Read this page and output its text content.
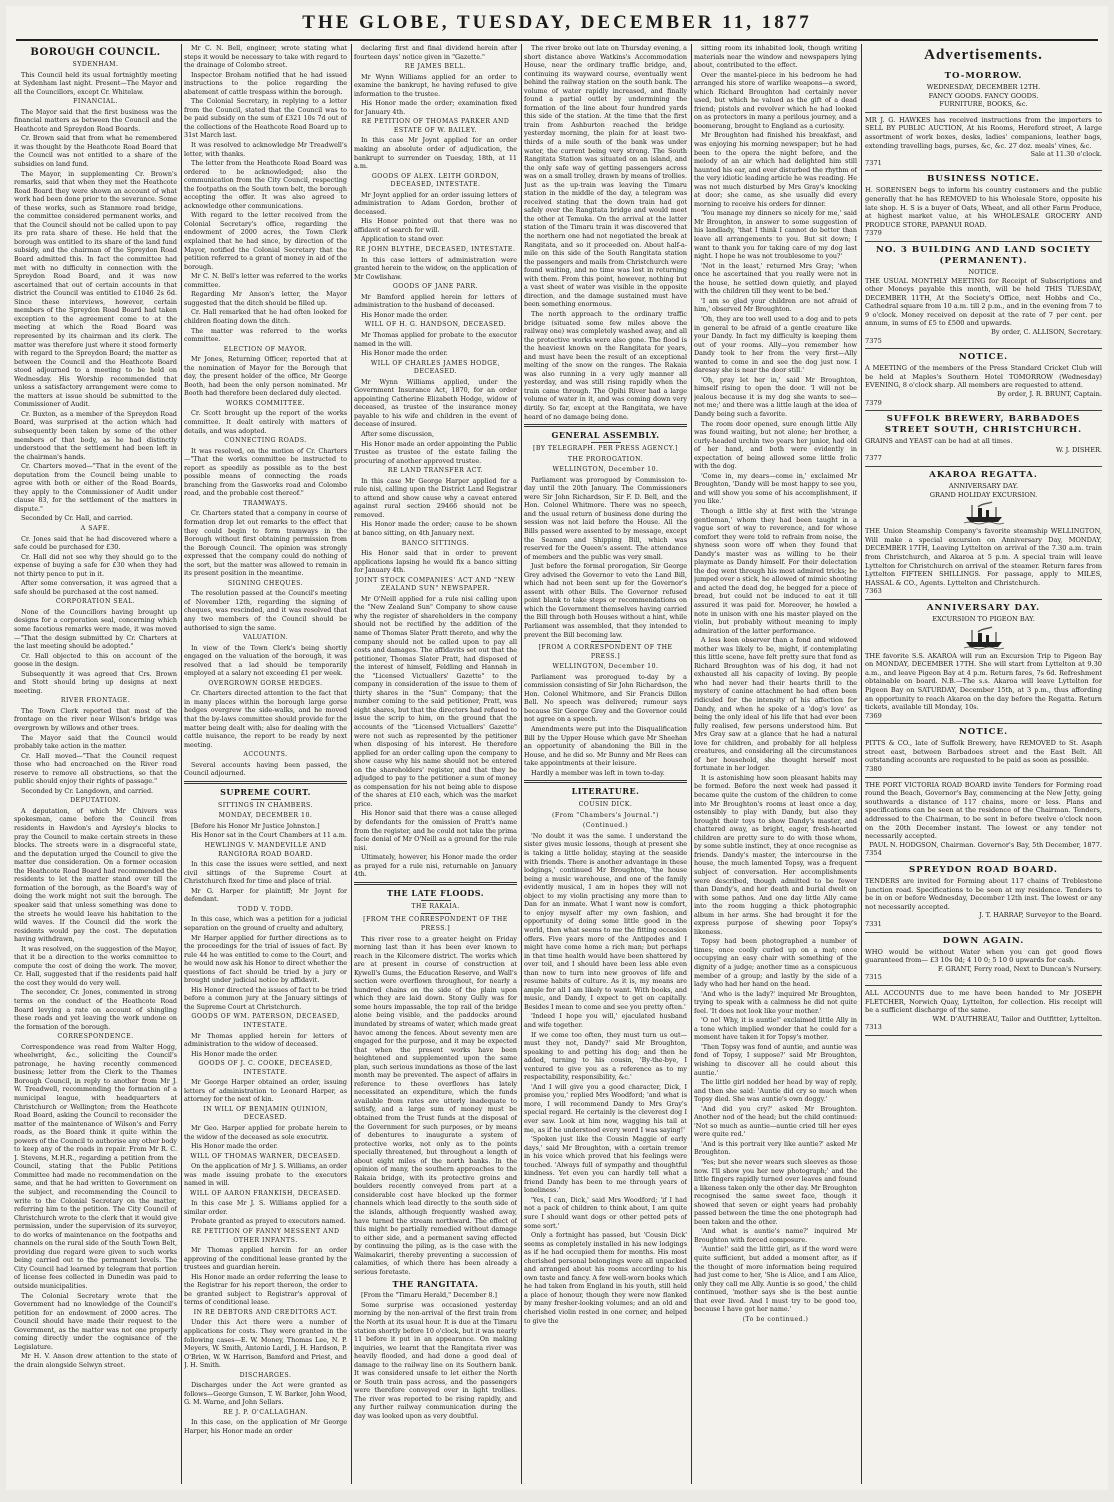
THE GLOBE, TUESDAY, DECEMBER 11, 1877
BOROUGH COUNCIL.
SYDENHAM.

This Council held its usual fortnightly meeting at Sydenham last night. Present—The Mayor and all the Councillors, except Cr. Whitelaw.

FINANCIAL.

The Mayor said that the first business was the financial matters as between the Council and the Heathcote and Spreydon Road Boards.

Cr. Brown said that from what he remembered it was thought by the Heathcote Road Board that the Council was not entitled to a share of the subsidies on land fund.

The Mayor, in supplementing Cr. Brown's remarks, said that when they met the Heathcote Road Board they were shown an account of what work had been done prior to the severance. Some of these works, such as Stanmore road bridge, the committee considered permanent works, and that the Council should not be called upon to pay its pro rata share of these. He held that the borough was entitled to its share of the land fund subsidy, and the chairman of the Spreydon Road Board admitted this. In fact the committee had met with no difficulty in connection with the Spreydon Road Board, and it was now ascertained that out of certain accounts in that district the Council was entitled to £1046 2s 6d. Since these interviews, however, certain members of the Spreydon Road Board had taken exception to the agreement come to at the meeting at which the Road Board was represented by its chairman and its clerk. The matter was therefore just where it stood formerly with regard to the Spreydon Board; the matter as between the Council and the Heathcote Board stood adjourned to a meeting to be held on Wednesday. His Worship recommended that unless a satisfactory arrangement were come to the matters at issue should be submitted to the Commissioner of Audit.

Cr. Buxton, as a member of the Spreydon Road Board, was surprised at the action which had subsequently been taken by some of the other members of that body, as he had distinctly understood that the settlement had been left in the chairman's hands.

Cr. Charters moved—"That in the event of the deputation from the Council being unable to agree with both or either of the Road Boards, they apply to the Commissioner of Audit under clause 83, for the settlement of the matters in dispute."

Seconded by Cr. Hall, and carried.

A SAFE.

Cr. Jones said that he had discovered where a safe could be purchased for £30.

Cr. Hall did not see why they should go to the expense of buying a safe for £30 when they had not thirty pence to put in it.

After some conversation, it was agreed that a safe should be purchased at the cost named.

CORPORATION SEAL.

None of the Councillors having brought up designs for a corporation seal, concerning which some facetious remarks were made, it was moved—"That the design submitted by Cr. Charters at the last meeting should be adopted."

Cr. Hall objected to this on account of the goose in the design.

Subsequently it was agreed that Crs. Brown and Stott should bring up designs at next meeting.

RIVER FRONTAGE.

The Town Clerk reported that most of the frontage on the river near Wilson's bridge was overgrown by willows and other trees.

The Mayor said that the Council would probably take action in the matter.

Cr. Hall moved—"That the Council request those who had encroached on the River road reserve to remove all obstructions, so that the public should enjoy their rights of passage."

Seconded by Cr. Langdown, and carried.

DEPUTATION.

A deputation, of which Mr Chivers was spokesman, came before the Council from residents in Hawdon's and Ayrsley's blocks to pray the Council to make certain streets in these blocks. The streets were in a disgraceful state, and the deputation urged the Council to give the matter due consideration. On a former occasion the Heathcote Road Board had recommended the residents to let the matter stand over till the formation of the borough, as the Board's way of doing the work might not suit the borough. The speaker said that unless something was done to the streets he would leave his habitation to the wild waves. If the Council did the work the residents would pay the cost. The deputation having withdrawn,

It was resolved, on the suggestion of the Mayor, that it be a direction to the works committee to compute the cost of doing the work. The mover, Cr. Hall, suggested that if the residents paid half the cost they would do very well.

The seconder, Cr. Jones, commented in strong terms on the conduct of the Heathcote Road Board levying a rate on account of shingling these roads and yet leaving the work undone on the formation of the borough.

CORRESPONDENCE.

Correspondence was read from Walter Hogg, wheelwright, &c., soliciting the Council's patronage, he having recently commenced business; letter from the Clerk to the Thames Borough Council, in reply to another from Mr J. W. Treadwell, recommending the formation of a municipal league, with headquarters at Christchurch or Wellington; from the Heathcote Road Board, asking the Council to reconsider the matter of the maintenance of Wilson's and Ferry roads, as the Board think it quite within the powers of the Council to authorise any other body to keep any of the roads in repair. From Mr R. C. J. Stevens, M.H.R., regarding a petition from the Council, stating that the Public Petitions Committee had made no recommendation on the same, and that he had written to Government on the subject, and recommending the Council to write to the Colonial Secretary on the matter, referring him to the petition. The City Council of Christchurch wrote to the clerk that it would give permission, under the supervision of its surveyor, to do works of maintenance on the footpaths and channels on the rural side of the South Town Belt, providing due regard were given to such works being carried out to the permanent levels. The City Council had learned by telegram that portion of license fees collected in Dunedin was paid to outside municipalities.

The Colonial Secretary wrote that the Government had no knowledge of the Council's petition for an endowment of 2000 acres. The Council should have made their request to the Government, as the matter was not one properly coming directly under the cognisance of the Legislature.

Mr H. V. Anson drew attention to the state of the drain alongside Selwyn street.

Mr C. N. Bell, engineer, wrote stating what steps it would be necessary to take with regard to the drainage of Colombo street.

Inspector Broham notified that he had issued instructions to the police regarding the abatement of cattle trespass within the borough.

The Colonial Secretary, in replying to a letter from the Council, stated that the Council was to be paid subsidy on the sum of £321 10s 7d out of the collections of the Heathcote Road Board up to 31st March last.

It was resolved to acknowledge Mr Treadwell's letter, with thanks.

The letter from the Heathcote Road Board was ordered to be acknowledged; also the communication from the City Council, respecting the footpaths on the South town belt, the borough accepting the offer. It was also agreed to acknowledge other communications.

With regard to the letter received from the Colonial Secretary's office, regarding the endowment of 2000 acres, the Town Clerk explained that he had since, by direction of the Mayor, notified the Colonial Secretary that the petition referred to a grant of money in aid of the borough.

Mr C. N. Bell's letter was referred to the works committee.

Regarding Mr Anson's letter, the Mayor suggested that the ditch should be filled up.

Cr. Hall remarked that he had often looked for children floating down the ditch.

The matter was referred to the works committee.

ELECTION OF MAYOR.

Mr Jones, Returning Officer, reported that at the nomination of Mayor for the Borough that day, the present holder of the office, Mr George Booth, had been the only person nominated. Mr Booth had therefore been declared duly elected.

WORKS COMMITTEE.

Cr. Scott brought up the report of the works committee. It dealt entirely with matters of details, and was adopted.

CONNECTING ROADS.

It was resolved, on the motion of Cr. Charters—"That the works committee be instructed to report as speedily as possible as to the best possible means of connecting the roads branching from the Gasworks road and Colombo road, and the probable cost thereof."

TRAMWAYS.

Cr. Charters stated that a company in course of formation drop let out remarks to the effect that they could begin to form tramways in the Borough without first obtaining permission from the Borough Council. The opinion was strongly expressed that the company could do nothing of the sort, but the matter was allowed to remain in its present position in the meantime.

SIGNING CHEQUES.

The resolution passed at the Council's meeting of November 12th, regarding the signing of cheques, was rescinded, and it was resolved that any two members of the Council should be authorised to sign the same.

VALUATION.

In view of the Town Clerk's being shortly engaged on the valuation of the borough, it was resolved that a lad should be temporarily employed at a salary not exceeding £1 per week.

OVERGROWN GORSE HEDGES.

Cr. Charters directed attention to the fact that in many places within the borough large gorse hedges overgrew the side-walks, and he moved that the by-laws committee should provide for the matter being dealt with; also for dealing with the cattle nuisance, the report to be ready by next meeting.

ACCOUNTS.

Several accounts having been passed, the Council adjourned.

SUPREME COURT.
SITTINGS IN CHAMBERS.
MONDAY, DECEMBER 10.

[Before his Honor Mr Justice Johnston.]

His Honor sat in the Court Chambers at 11 a.m.

HEWLINGS V. MANDEVILLE AND RANGIORA ROAD BOARD.

In this case the issues were settled, and next civil sittings of the Supreme Court at Christchurch fixed for time and place of trial.

Mr G. Harper for plaintiff; Mr Joynt for defendant.

TODD V. TODD.

In this case, which was a petition for a judicial separation on the ground of cruelty and adultery,

Mr Harper applied for further directions as to the proceedings for the trial of issues of fact. By rule 44 he was entitled to come to the Court, and he would now ask his Honor to direct whether the questions of fact should be tried by a jury or brought under judicial notice by affidavit.

His Honor directed the issues of fact to be tried before a common jury at the January sittings of the Supreme Court at Christchurch.

GOODS OF WM. PATERSON, DECEASED, INTESTATE.

Mr Thomas applied herein for letters of administration to the widow of deceased.

His Honor made the order.

GOODS OF J. C. COOKE, DECEASED, INTESTATE.

Mr George Harper obtained an order, issuing letters of administration to Leonard Harper, as attorney for the next of kin.

IN WILL OF BENJAMIN QUINION, DECEASED.

Mr Geo. Harper applied for probate herein to the widow of the deceased as sole executrix.

His Honor made the order.

WILL OF THOMAS WARNER, DECEASED.

On the application of Mr J. S. Williams, an order was made issuing probate to the executors named in will.

WILL OF AARON FRANKISH, DECEASED.

In this case Mr J. S. Williams applied for a similar order.

Probate granted as prayed to executors named.

RE PETITION OF FANNY MESSENT AND OTHER INFANTS.

Mr Thomas applied herein for an order approving of the conditional lease granted by the trustees and guardian herein.

His Honor made an order referring the lease to the Registrar for his report thereon, the order to be granted subject to Registrar's approval of terms of conditional lease.

IN RE DEBTORS AND CREDITORS ACT.

Under this Act there were a number of applications for costs. They were granted in the following cases—E. W. Money, Thomas Lee, N. P. Meyers, W. Smith, Antonio Lardi, J. H. Hardson, P. O'Brien, W. W. Harrison, Bamford and Priest, and J. H. Smith.

DISCHARGES.

Discharges under the Act were granted as follows—George Gunson, T. W. Barker, John Wood, G. M. Warne, and John Sellars.

RE J. P. O'CALLAGHAN.

In this case, on the application of Mr George Harper, his Honor made an order

declaring first and final dividend herein after fourteen days' notice given in "Gazette."

RE JAMES BELL.

Mr Wynn Williams applied for an order to examine the bankrupt, he having refused to give information to the trustee.

His Honor made the order; examination fixed for January 4th.

RE PETITION OF THOMAS PARKER AND ESTATE OF W. BAILEY.

In this case Mr Joynt applied for an order making an absolute order of adjudication, the bankrupt to surrender on Tuesday, 18th, at 11 a.m.

GOODS OF ALEX. LEITH GORDON, DECEASED, INTESTATE.

Mr Joynt applied for an order issuing letters of administration to Adam Gordon, brother of deceased.

His Honor pointed out that there was no affidavit of search for will.

Application to stand over.

RE JOHN BLYTHE, DECEASED, INTESTATE.

In this case letters of administration were granted herein to the widow, on the application of Mr Cowlishaw.

GOODS OF JANE PARR.

Mr Bamford applied herein for letters of administration to the husband of deceased.

His Honor made the order.

WILL OF H. G. HANDSON, DECEASED.

Mr Thomas applied for probate to the executor named in the will.

His Honor made the order.

WILL OF CHARLES JAMES HODGE, DECEASED.

Mr Wynn Williams applied, under the Government Insurance Act, 1870, for an order appointing Catherine Elizabeth Hodge, widow of deceased, as trustee of the insurance money payable to his wife and children in the event of decease of insured.

After some discussion,

His Honor made an order appointing the Public Trustee as trustee of the estate failing the procuring of another approved trustee.

RE LAND TRANSFER ACT.

In this case Mr George Harper applied for a rule nisi, calling upon the District Land Registrar to attend and show cause why a caveat entered against rural section 29466 should not be removed.

His Honor made the order; cause to be shown at banco sitting, on 4th January next.

BANCO SITTINGS.

His Honor said that in order to prevent applications lapsing he would fix a banco sitting for January 4th.

JOINT STOCK COMPANIES' ACT AND "NEW ZEALAND SUN" NEWSPAPER.

Mr O'Neill applied for a rule nisi calling upon the "New Zealand Sun" Company to show cause why the register of shareholders in the company should not be rectified by the addition of the name of Thomas Slater Pratt thereto, and why the company should not be called upon to pay all costs and damages. The affidavits set out that the petitioner, Thomas Slater Pratt, had disposed of the interest of himself, Feldling and Hannah in the "Licensed Victuallers' Gazette" to the company in consideration of the issue to them of thirty shares in the "Sun" Company; that the number coming to the said petitioner, Pratt, was eight shares, but that the directors had refused to issue the scrip to him, on the ground that the accounts of the "Licensed Victuallers' Gazette" were not such as represented by the petitioner when disposing of his interest. He therefore applied for an order calling upon the company to show cause why his name should not be entered on the shareholders' register, and that they be adjudged to pay to the petitioner a sum of money as compensation for his not being able to dispose of the shares at £10 each, which was the market price.

His Honor said that there was a cause alleged by defendants for the omission of Pratt's name from the register, and he could not take the prima facie denial of Mr O'Neill as a ground for the rule nisi.

Ultimately, however, his Honor made the order as prayed for a rule nisi, returnable on January 4th.

THE LATE FLOODS.
THE RAKAIA.
[FROM THE CORRESPONDENT OF THE PRESS.]

This river rose to a greater height on Friday morning last than it has been ever known to reach in the Kilcomere district. The works which are at present in course of construction at Kywell's Gums, the Education Reserve, and Wall's section were overflown throughout, for nearly a hundred chains on the side of the plain upon which they are laid down. Stony Gully was for some hours impassable, the top rail of the bridge alone being visible, and the paddocks around inundated by streams of water, which made great havoc among the fences. About seventy men are engaged for the purpose, and it may be expected that when the present works have been heightened and supplemented upon the same plan, such serious inundations as those of the last month may be prevented. The aspect of affairs in reference to these overflows has lately necessitated an expenditure, which the funds available from rates are utterly inadequate to satisfy, and a large sum of money must be obtained from the Trust funds at the disposal of the Government for such purposes, or by means of debentures to inaugurate a system of protective works, not only as to the points specially threatened, but throughout a length of about eight miles of the north banks. In the opinion of many, the southern approaches to the Rakaia bridge, with its protective groins and boulders recently conveyed from part at a considerable cost have blocked up the former channels which lead directly to the south side of the islands, although frequently washed away, have turned the stream northward. The effect of this might be partially remedied without damage to either side, and a permanent saving effected by continuing the piling, as is the case with the Waimakariri, thereby preventing a succession of calamities, of which there has been already a serious foretaste.

THE RANGITATA.

[From the "Timaru Herald," December 8.]

Some surprise was occasioned yesterday morning by the non-arrival of the first train from the North at its usual hour. It is due at the Timaru station shortly before 10 o'clock, but it was nearly 11 before it put in an appearance. On making inquiries, we learnt that the Rangitata river was heavily flooded, and had done a good deal of damage to the railway line on its Southern bank. It was considered unsafe to let either the North or South train pass across, and the passengers were therefore conveyed over in light trollies. The river was reported to be rising rapidly, and any further railway communication during the day was looked upon as very doubtful.

The river broke out late on Thursday evening, a short distance above Watkins's Accommodation House, near the ordinary traffic bridge, and, continuing its wayward course, eventually went behind the railway station on the south bank. The volume of water rapidly increased, and finally found a partial outlet by undermining the formation of the line about four hundred yards this side of the station. At the time that the first train from Ashburton reached the bridge yesterday morning, the plain for at least two-thirds of a mile south of the bank was under water, the current being very strong. The South Rangitata Station was situated on an island, and the only safe way of getting passengers across was on a small trolley, drawn by means of trollies. Just as the up-train was leaving the Timaru station in the middle of the day, a telegram was received stating that the down train had got safely over the Rangitata bridge and would meet the other at Temuka. On the arrival at the latter station of the Timaru train it was discovered that the northern one had not negotiated the break at Rangitata, and so it proceeded on. About half-a-mile on this side of the South Rangitata station the passengers and mails from Christchurch were found waiting, and no time was lost in returning with them. From this point, however, nothing but a vast sheet of water was visible in the opposite direction, and the damage sustained must have been something enormous.

The north approach to the ordinary traffic bridge (situated some few miles above the railway one) was completely washed away, and all the protective works were also gone. The flood is the heaviest known on the Rangitata for years, and must have been the result of an exceptional melting of the snow on the ranges. The Rakaia was also running in a very ugly manner all yesterday, and was still rising rapidly when the train came through. The Opihi River had a large volume of water in it, and was coming down very dirtily. So far, except at the Rangitata, we have heard of no damage being done.

GENERAL ASSEMBLY.
[BY TELEGRAPH. PER PRESS AGENCY.]
THE PROROGATION.
WELLINGTON, December 10.

Parliament was prorogued by Commission to-day until the 20th January. The Commissioners were Sir John Richardson, Sir F. D. Bell, and the Hon. Colonel Whitmore. There was no speech, and the usual return of business done during the session was not laid before the House. All the Bills passed were assented to by message, except the Seamen and Shipping Bill, which was reserved for the Queen's assent. The attendance of members and the public was very small.

Just before the formal prorogation, Sir George Grey advised the Governor to veto the Land Bill, which had not been sent up for the Governor's assent with other Bills. The Governor refused point blank to take steps or recommendations on which the Government themselves having carried the Bill through both Houses without a hint, while Parliament was assembled, that they intended to prevent the Bill becoming law.

[FROM A CORRESPONDENT OF THE PRESS.]
WELLINGTON, December 10.

Parliament was prorogued to-day by a commission consisting of Sir John Richardson, the Hon. Colonel Whitmore, and Sir Francis Dillon Bell. No speech was delivered; rumour says because Sir George Grey and the Governor could not agree on a speech.

Amendments were put into the Disqualification Bill by the Upper House which gave Mr Sheehan an opportunity of abandoning the Bill in the House, and he did so. Mr Bunny and Mr Rees can take appointments at their leisure.

Hardly a member was left in town to-day.

LITERATURE.
COUSIN DICK.
(From "Chambers's Journal.")
(Continued.)

'No doubt it was the same. I understand the sister gives music lessons, though at present she is taking a little holiday, staying at the seaside with friends. There is another advantage in these lodgings,' continued Mr Broughton, 'the house being a music warehouse, and one of the family evidently musical, I am in hopes they will not object to my violin practising any more than to Dan for an inmate. What I want now is comfort, to enjoy myself after my own fashion, and opportunity of doing some little good in the world, then what seems to me the fitting occasion offers. Five years more of the Antipodes and I might have come home a rich man; but perhaps in that time health would have been shattered by over toil, and I should have been less able even than now to turn into new grooves of life and resume habits of culture. As it is, my means are ample for all I am likely to want. With books, and music, and Dandy, I expect to get on capitally. Besides I mean to come and see you pretty often.'

'Indeed I hope you will,' ejaculated husband and wife together.

If we come too often, they must turn us out—must they not, Dandy?' said Mr Broughton, speaking to and petting his dog; and then he added, turning to his cousin, 'By-the-bye, I ventured to give you as a reference as to my respectability, responsibility, &c.'

'And I will give you a good character, Dick, I promise you,' replied Mrs Woodford; 'and what is more, I will recommend Dandy to Mrs Gray's special regard. He certainly is the cleverest dog I ever saw. Look at him now, wagging his tail at me, as if he understood every word I was saying!'

'Spoken just like the Cousin Maggie of early days,' said Mr Broughton, with a certain tremor in his voice which proved that his feelings were touched. 'Always full of sympathy and thoughtful kindness. Yet even you can hardly tell what a friend Dandy has been to me through years of loneliness.'

'Yes, I can, Dick,' said Mrs Woodford; 'if I had not a pack of children to think about, I am quite sure I should want dogs or other petted pets of some sort.'

Only a fortnight has passed, but 'Cousin Dick' seems as completely installed in his new lodgings as if he had occupied them for months. His most cherished personal belongings were all unpacked and arranged about his rooms according to his own taste and fancy. A few well-worn books which he had taken from England in his youth, still held a place of honour, though they were now flanked by many fresher-looking volumes; and an old and cherished violin rested in one corner, and helped to give the

sitting room its inhabited look, though writing materials near the window and newspapers lying about, contributed to the effect.

Over the mantel-piece in his bedroom he had arranged his store of warlike weapons—a sword, which Richard Broughton had certainly never used, but which he valued as the gift of a dead friend; pistols and revolver which he had looked on as protectors in many a perilous journey, and a boomerang, brought to England as a curiosity.

Mr Broughton had finished his breakfast, and was enjoying his morning newspaper; but he had been to the opera the night before, and the melody of an air which had delighted him still haunted his ear, and ever disturbed the rhythm of the very idiotic leading article he was reading. He was not much disturbed by Mrs Gray's knocking at door; she came, as she usually did every morning to receive his orders for dinner.

'You manage my dinners so nicely for me,' said Mr Broughton, in answer to some suggestion of his landlady, 'that I think I cannot do better than leave all arrangements to you. But sit down; I want to thank you for taking care of my dog last night. I hope he was not troublesome to you?'

'Not in the least,' returned Mrs Gray; 'when once he ascertained that you really were not in the house, he settled down quietly, and played with the children till they went to be bed.'

'I am so glad your children are not afraid of him,' observed Mr Broughton.

'Oh, they are too well used to a dog and to pets in general to be afraid of a gentle creature like your Dandy. In fact my difficulty is keeping them out of your rooms. Ally—you remember how Dandy took to her from the very first—Ally wanted to come in and see the dog just now. I daresay she is near the door still.'

'Oh, pray let her in,' said Mr Broughton, himself rising to open the door. 'I will not be jealous because it is my dog she wants to see—not me;' and there was a little laugh at the idea of Dandy being such a favorite.

The room door opened, sure enough little Ally was found waiting, but not alone; her brother, a curly-headed urchin two years her junior, had old of her hand, and both were evidently in expectation of being allowed some little frolic with the dog.

'Come in, my dears—come in,' exclaimed Mr Broughton, 'Dandy will be most happy to see you, and will show you some of his accomplishment, if you like.'

Though a little shy at first with the 'strange gentleman,' whom they had been taught in a vague sort of way to reverence, and for whose comfort they were told to refrain from noise, the shyness soon wore off when they found that Dandy's master was as willing to be their playmate as Dandy himself. For their delectation the dog went through his most admired tricks; he jumped over a stick, he allowed of mimic shooting and acted the dead dog, he begged for a piece of bread, but could not be induced to eat it till assured it was paid for. Moreover, he howled a note in unison with one his master played on the violin, but probably without meaning to imply admiration of the latter performance.

A less keen observer than a fond and widowed mother was likely to be, might, if contemplating this little scene, have felt pretty sure that fond as Richard Broughton was of his dog, it had not exhausted all his capacity of loving. By people who had never had their hearts thrill to the mystery of canine attachment he had often been ridiculed for the intensity of his affection for Dandy, and when he spoke of a 'dog's love' as being the only ideal of his life that had ever been fully realised, few persons understood him. But Mrs Gray saw at a glance that he had a natural love for children, and probably for all helpless creatures, and considering all the circumstances of her household, she thought herself most fortunate in her lodger.

It is astonishing how soon pleasant habits may be formed. Before the next week had passed it became quite the custom of the children to come into Mr Broughton's rooms at least once a day, ostensibly to play with Dandy, but also they brought their toys to show Dandy's master, and chattered away, as bright, eager, fresh-hearted children are pretty sure to do with those whom, by some subtle instinct, they at once recognise as friends. Dandy's master, the intercourse in the house, the much lamented Topsy, was a frequent subject of conversation. Her accomplishments were described, though admitted to be fewer than Dandy's, and her death and burial dwelt on with some pathos. And one day little Ally came into the room hugging a thick photographic album in her arms. She had brought it for the express purpose of shewing poor Topsy's likeness.

Topsy had been photographed a number of times; once coolly curled up on a mat; once occupying an easy chair with something of the dignity of a judge; another time as a conspicuous member of a group; and lastly by the side of a lady who had her hand on the head.

'And who is the lady?' inquired Mr Broughton, trying to speak with a calmness he did not quite feel. 'It does not look like your mother.'

'O no! Why, it is auntie!' exclaimed little Ally in a tone which implied wonder that he could for a moment have taken it for Topsy's mother.

'Then Topsy was fond of auntie, and auntie was fond of Topsy, I suppose?' said Mr Broughton, wishing to discover all he could about this auntie.'

The little girl nodded her head by way of reply, and then she said: 'Auntie did cry so much when Topsy died. She was auntie's own doggy.'

'And did you cry?' asked Mr Broughton. Another nod of the head; but the child continued: 'Not so much as auntie—auntie cried till her eyes were quite red.'

'And is this portrait very like auntie?' asked Mr Broughton.

'Yes; but she never wears such sleeves as those now. I'll show you her new photograph;' and the little fingers rapidly turned over leaves and found a likeness taken only the other day. Mr Broughton recognised the same sweet face, though it showed that seven or eight years had probably passed between the time the one photograph had been taken and the other.

'And what is auntie's name?' inquired Mr Broughton with forced composure.

'Auntie!' said the little girl, as if the word were quite sufficient, but added a moment after, as if the thought of more information being required had just come to her, 'She is Alice, and I am Alice, only they call me Ally. Auntie is so good,' the child continued, 'mother says she is the best auntie that ever lived. And I must try to be good too, because I have got her name.'

(To be continued.)
Advertisements.
TO-MORROW.
WEDNESDAY, DECEMBER 12TH.
FANCY GOODS. FANCY GOODS.
FURNITURE, BOOKS, &c.
MR J. G. HAWKES has received instructions from the importers to SELL BY PUBLIC AUCTION, At his Rooms, Hereford street, A large assortment of work boxes, desks, ladies' companions, leather bags, extending travelling bags, purses, &c, &c. 27 doz. meals' vines, &c.
Sale at 11.30 o'clock.
7371
BUSINESS NOTICE.
H. SORENSEN begs to inform his country customers and the public generally that he has REMOVED to his Wholesale Store, opposite his late shop. H. S is a buyer of Oats, Wheat, and all other Farm Produce, at highest market value, at his WHOLESALE GROCERY AND PRODUCE STORE, PAPANUI ROAD.
7379
NO. 3 BUILDING AND LAND SOCIETY (PERMANENT).
NOTICE.
THE USUAL MONTHLY MEETING for Receipt of Subscriptions and other Moneys payable this month, will be held THIS TUESDAY, DECEMBER 11TH, At the Society's Office, next Hobbs and Co., Cathedral square from 10 a.m. till 2 p.m., and in the evening from 7 to 9 o'clock. Money received on deposit at the rate of 7 per cent. per annum, in sums of £5 to £500 and upwards.
By order, C. ALLISON, Secretary.
7375
NOTICE.
A MEETING of the members of the Press Standard Cricket Club will be held at Maples's Southern Hotel TOMORROW (Wednesday) EVENING, 8 o'clock sharp. All members are requested to attend.
By order, J. R. BRUNT, Captain.
7379
SUFFOLK BREWERY, BARBADOES STREET SOUTH, CHRISTCHURCH.
GRAINS and YEAST can be had at all times.
W. J. DISHER.
7377
AKAROA REGATTA.
ANNIVERSARY DAY.
GRAND HOLIDAY EXCURSION.
THE Union Steamship Company's favorite steamship WELLINGTON, Will make a special excursion on Anniversary Day, MONDAY, DECEMBER 17TH, Leaving Lyttelton on arrival of the 7.30 a.m. train from Christchurch, and Akaroa at 5 p.m. A special train will leave Lyttelton for Christchurch on arrival of the steamer. Return fares from Lyttelton FIFTEEN SHILLINGS. For passage, apply to MILES, HASSAL & CO., Agents. Lyttelton and Christchurch.
7363
ANNIVERSARY DAY.
EXCURSION TO PIGEON BAY.
THE favorite S.S. AKAROA will run an Excursion Trip to Pigeon Bay on MONDAY, DECEMBER 17TH. She will start from Lyttelton at 9.30 a.m., and leave Pigeon Bay at 4 p.m. Return fares, 7s 6d. Refreshment obtainable on board. N.B.—The s.s. Akaroa will leave Lyttelton for Pigeon Bay on SATURDAY, December 15th, at 3 p.m., thus affording an opportunity to reach Akaroa on the day before the Regatta. Return tickets, available till Monday, 10s.
7369
NOTICE.
PITTS & CO., late of Suffolk Brewery, have REMOVED to St. Asaph street east, between Barbadoes street and the East Belt. All outstanding accounts are requested to be paid as soon as possible.
7380
THE PORT VICTORIA ROAD BOARD invite Tenders for Forming road round the Beach, Governor's Bay, commencing at the New Jetty, going southwards a distance of 117 chains, more or less. Plans and specifications can be seen at the residence of the Chairman. Tenders, addressed to the Chairman, to be sent in before twelve o'clock noon on the 20th December instant. The lowest or any tender not necessarily accepted.
PAUL N. HODGSON, Chairman. Governor's Bay, 5th December, 1877.
7354
SPREYDON ROAD BOARD.
TENDERS are invited for Forming about 117 chains of Treblestone Junction road. Specifications to be seen at my residence. Tenders to be in on or before Wednesday, December 12th inst. The lowest or any not necessarily accepted.
J. T. HARRAP, Surveyor to the Board.
7331
DOWN AGAIN.
WHO would be without Water when you can get good flows guaranteed from— £3 10s 0d; 4 10 0; 5 10 0 upwards for cash.
F. GRANT, Ferry road, Next to Duncan's Nursery.
7315
ALL ACCOUNTS due to me have been handed to Mr JOSEPH FLETCHER, Norwich Quay, Lyttelton, for collection. His receipt will be a sufficient discharge of the same.
WM. D'AUTHREAU, Tailor and Outfitter, Lyttelton.
7313
